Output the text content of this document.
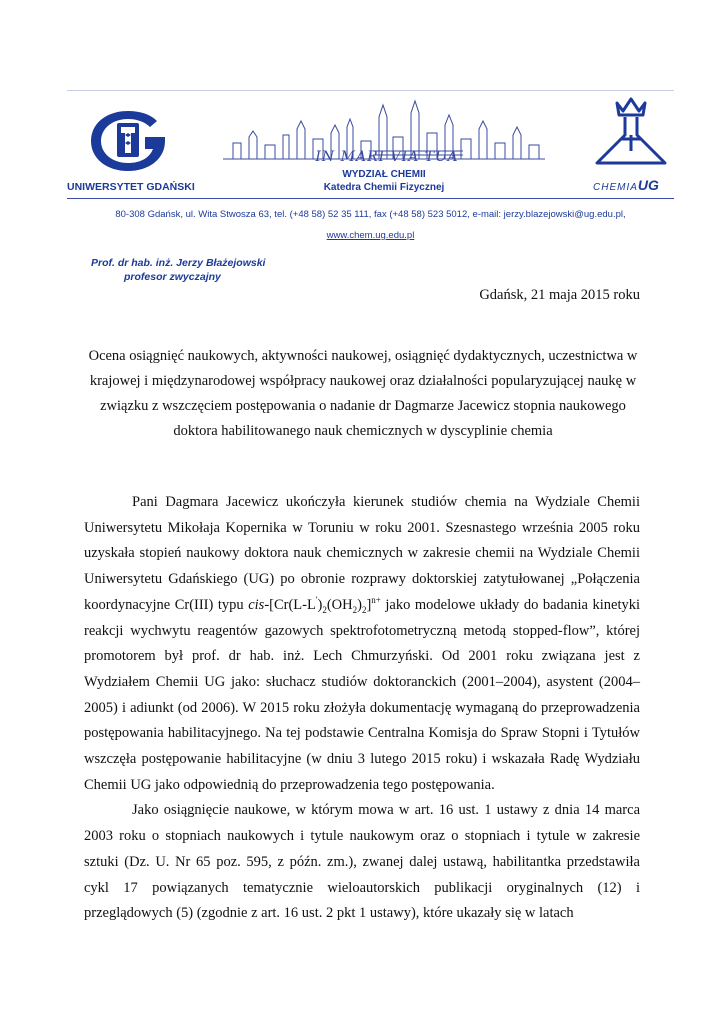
UNIWERSYTET GDAŃSKI
IN MARI VIA TUA
WYDZIAŁ CHEMII
Katedra Chemii Fizycznej	CHEMIAUG
80-308 Gdańsk, ul. Wita Stwosza 63, tel. (+48 58) 52 35 111, fax (+48 58) 523 5012, e-mail: jerzy.blazejowski@ug.edu.pl,
www.chem.ug.edu.pl
Prof. dr hab. inż. Jerzy Błażejowski
profesor zwyczajny
Gdańsk, 21 maja 2015 roku
Ocena osiągnięć naukowych, aktywności naukowej, osiągnięć dydaktycznych, uczestnictwa w krajowej i międzynarodowej współpracy naukowej oraz działalności popularyzującej naukę w związku z wszczęciem postępowania o nadanie dr Dagmarze Jacewicz stopnia naukowego doktora habilitowanego nauk chemicznych w dyscyplinie chemia

Pani Dagmara Jacewicz ukończyła kierunek studiów chemia na Wydziale Chemii Uniwersytetu Mikołaja Kopernika w Toruniu w roku 2001. Szesnastego września 2005 roku uzyskała stopień naukowy doktora nauk chemicznych w zakresie chemii na Wydziale Chemii Uniwersytetu Gdańskiego (UG) po obronie rozprawy doktorskiej zatytułowanej „Połączenia koordynacyjne Cr(III) typu cis-$[Cr(L-L')_2(OH_2)_2]^{n+}$ jako modelowe układy do badania kinetyki reakcji wychwytu reagentów gazowych spektrofotometryczną metodą stopped-flow”, której promotorem był prof. dr hab. inż. Lech Chmurzyński. Od 2001 roku związana jest z Wydziałem Chemii UG jako: słuchacz studiów doktoranckich (2001–2004), asystent (2004–2005) i adiunkt (od 2006). W 2015 roku złożyła dokumentację wymaganą do przeprowadzenia postępowania habilitacyjnego. Na tej podstawie Centralna Komisja do Spraw Stopni i Tytułów wszczęła postępowanie habilitacyjne (w dniu 3 lutego 2015 roku) i wskazała Radę Wydziału Chemii UG jako odpowiednią do przeprowadzenia tego postępowania.

Jako osiągnięcie naukowe, w którym mowa w art. 16 ust. 1 ustawy z dnia 14 marca 2003 roku o stopniach naukowych i tytule naukowym oraz o stopniach i tytule w zakresie sztuki (Dz. U. Nr 65 poz. 595, z późn. zm.), zwanej dalej ustawą, habilitantka przedstawiła cykl 17 powiązanych tematycznie wieloautorskich publikacji oryginalnych (12) i przeglądowych (5) (zgodnie z art. 16 ust. 2 pkt 1 ustawy), które ukazały się w latach
